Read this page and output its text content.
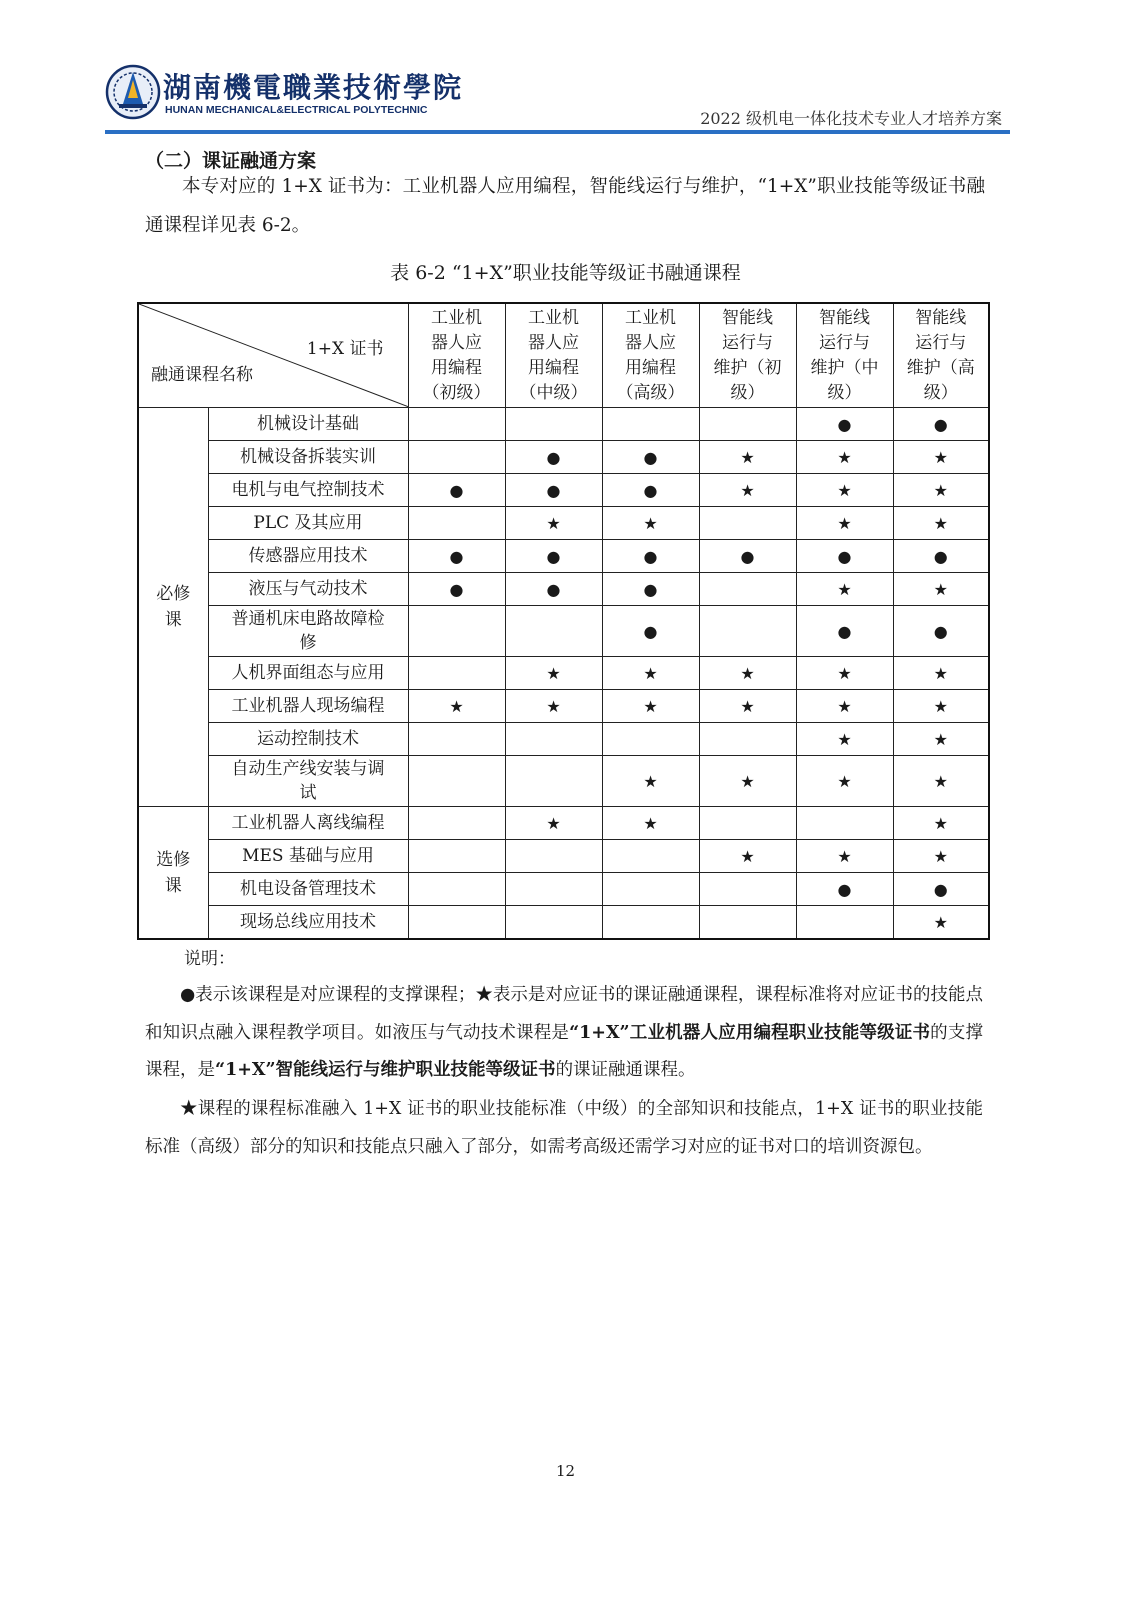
湖南機電職業技術學院
HUNAN MECHANICAL&ELECTRICAL POLYTECHNIC	2022 级机电一体化技术专业人才培养方案
（二）课证融通方案
本专对应的 1+X 证书为：工业机器人应用编程，智能线运行与维护，“1+X”职业技能等级证书融通课程详见表 6-2。
表 6-2 “1+X”职业技能等级证书融通课程
1+X 证书
融通课程名称		工业机
器人应
用编程
（初级）	工业机
器人应
用编程
（中级）	工业机
器人应
用编程
（高级）	智能线
运行与
维护（初
级）	智能线
运行与
维护（中
级）	智能线
运行与
维护（高
级）

必修
课	机械设计基础					●	●

	机械设备拆装实训		●	●	★	★	★

	电机与电气控制技术	●	●	●	★	★	★

	PLC 及其应用		★	★		★	★

	传感器应用技术	●	●	●	●	●	●

	液压与气动技术	●	●	●		★	★

	普通机床电路故障检
修			●		●	●

	人机界面组态与应用		★	★	★	★	★

	工业机器人现场编程	★	★	★	★	★	★

	运动控制技术					★	★

	自动生产线安装与调
试			★	★	★	★

选修
课	工业机器人离线编程		★	★			★

	MES 基础与应用				★	★	★

	机电设备管理技术					●	●

	现场总线应用技术						★
说明：
●表示该课程是对应课程的支撑课程；★表示是对应证书的课证融通课程，课程标准将对应证书的技能点和知识点融入课程教学项目。如液压与气动技术课程是“1+X”工业机器人应用编程职业技能等级证书的支撑课程，是“1+X”智能线运行与维护职业技能等级证书的课证融通课程。
★课程的课程标准融入 1+X 证书的职业技能标准（中级）的全部知识和技能点，1+X 证书的职业技能标准（高级）部分的知识和技能点只融入了部分，如需考高级还需学习对应的证书对口的培训资源包。
12
